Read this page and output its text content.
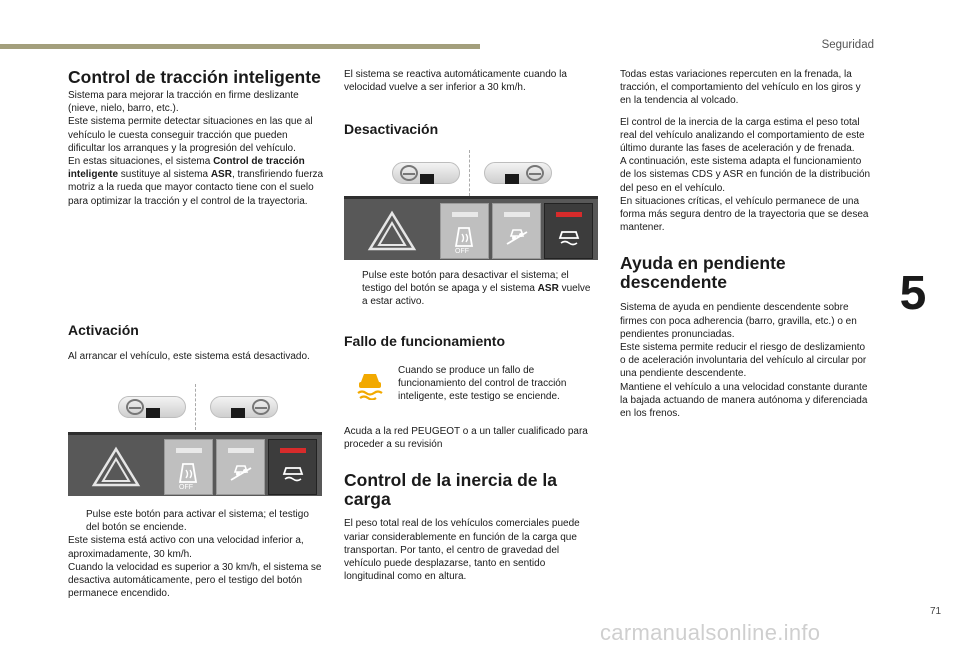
Seguridad
5
71
carmanualsonline.info
Control de tracción inteligente
Sistema para mejorar la tracción en firme deslizante (nieve, nielo, barro, etc.).
Este sistema permite detectar situaciones en las que al vehículo le cuesta conseguir tracción que pueden dificultar los arranques y la progresión del vehículo.
En estas situaciones, el sistema Control de tracción inteligente sustituye al sistema ASR, transfiriendo fuerza motriz a la rueda que mayor contacto tiene con el suelo para optimizar la tracción y el control de la trayectoria.
Activación
Al arrancar el vehículo, este sistema está desactivado.
OFF
Pulse este botón para activar el sistema; el testigo del botón se enciende.
Este sistema está activo con una velocidad inferior a, aproximadamente, 30 km/h.
Cuando la velocidad es superior a 30 km/h, el sistema se desactiva automáticamente, pero el testigo del botón permanece encendido.
El sistema se reactiva automáticamente cuando la velocidad vuelve a ser inferior a 30 km/h.
Desactivación
OFF
Pulse este botón para desactivar el sistema; el testigo del botón se apaga y el sistema ASR vuelve a estar activo.
Fallo de funcionamiento
Cuando se produce un fallo de funcionamiento del control de tracción inteligente, este testigo se enciende.
Acuda a la red PEUGEOT o a un taller cualificado para proceder a su revisión
Control de la inercia de la carga
El peso total real de los vehículos comerciales puede variar considerablemente en función de la carga que transportan. Por tanto, el centro de gravedad del vehículo puede desplazarse, tanto en sentido longitudinal como en altura.
Todas estas variaciones repercuten en la frenada, la tracción, el comportamiento del vehículo en los giros y en la tendencia al volcado.
El control de la inercia de la carga estima el peso total real del vehículo analizando el comportamiento de este último durante las fases de aceleración y de frenada.
A continuación, este sistema adapta el funcionamiento de los sistemas CDS y ASR en función de la distribución del peso en el vehículo.
En situaciones críticas, el vehículo permanece de una forma más segura dentro de la trayectoria que se desea mantener.
Ayuda en pendiente descendente
Sistema de ayuda en pendiente descendente sobre firmes con poca adherencia (barro, gravilla, etc.) o en pendientes pronunciadas.
Este sistema permite reducir el riesgo de deslizamiento o de aceleración involuntaria del vehículo al circular por una pendiente descendente.
Mantiene el vehículo a una velocidad constante durante la bajada actuando de manera autónoma y diferenciada en los frenos.
